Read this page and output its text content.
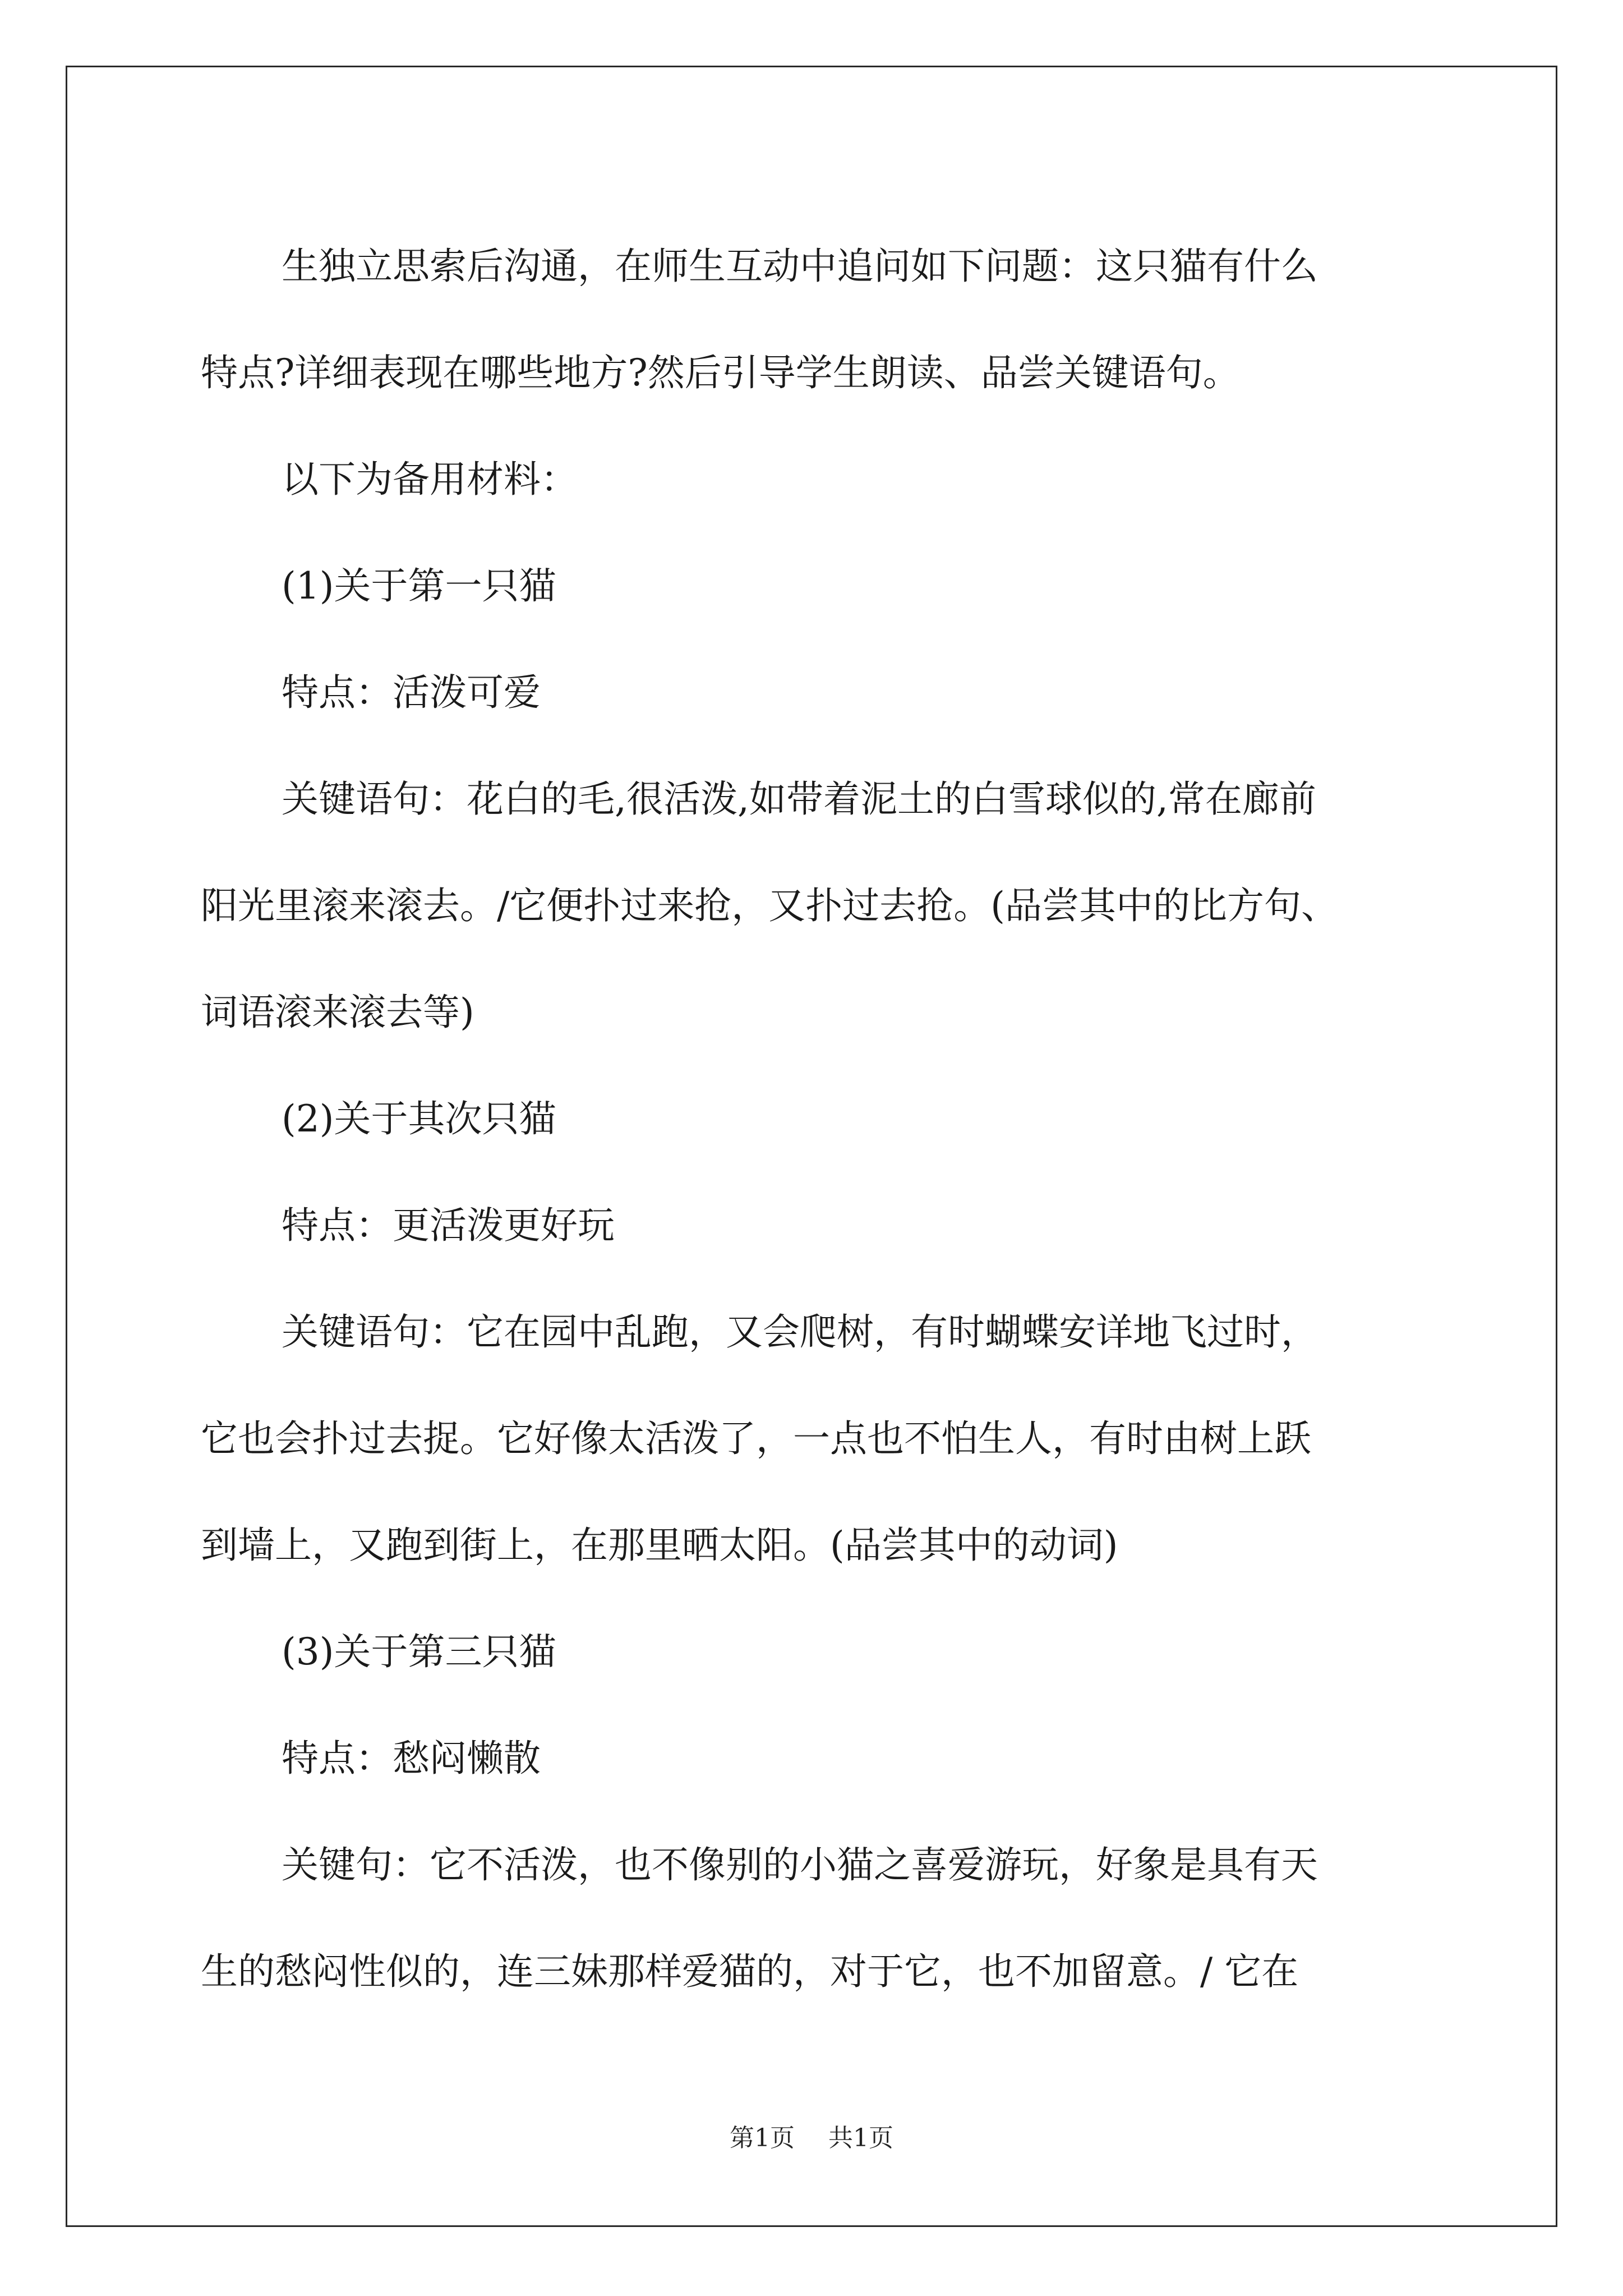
生独立思索后沟通，在师生互动中追问如下问题：这只猫有什么

特点?详细表现在哪些地方?然后引导学生朗读、品尝关键语句。

以下为备用材料：

(1)关于第一只猫

特点：活泼可爱

关键语句：花白的毛,很活泼,如带着泥土的白雪球似的,常在廊前

阳光里滚来滚去。/它便扑过来抢，又扑过去抢。(品尝其中的比方句、

词语滚来滚去等)

(2)关于其次只猫

特点：更活泼更好玩

关键语句：它在园中乱跑，又会爬树，有时蝴蝶安详地飞过时，

它也会扑过去捉。它好像太活泼了，一点也不怕生人，有时由树上跃

到墙上，又跑到街上，在那里晒太阳。(品尝其中的动词)

(3)关于第三只猫

特点：愁闷懒散

关键句：它不活泼，也不像别的小猫之喜爱游玩，好象是具有天

生的愁闷性似的，连三妹那样爱猫的，对于它，也不加留意。/ 它在

第1页 共1页
